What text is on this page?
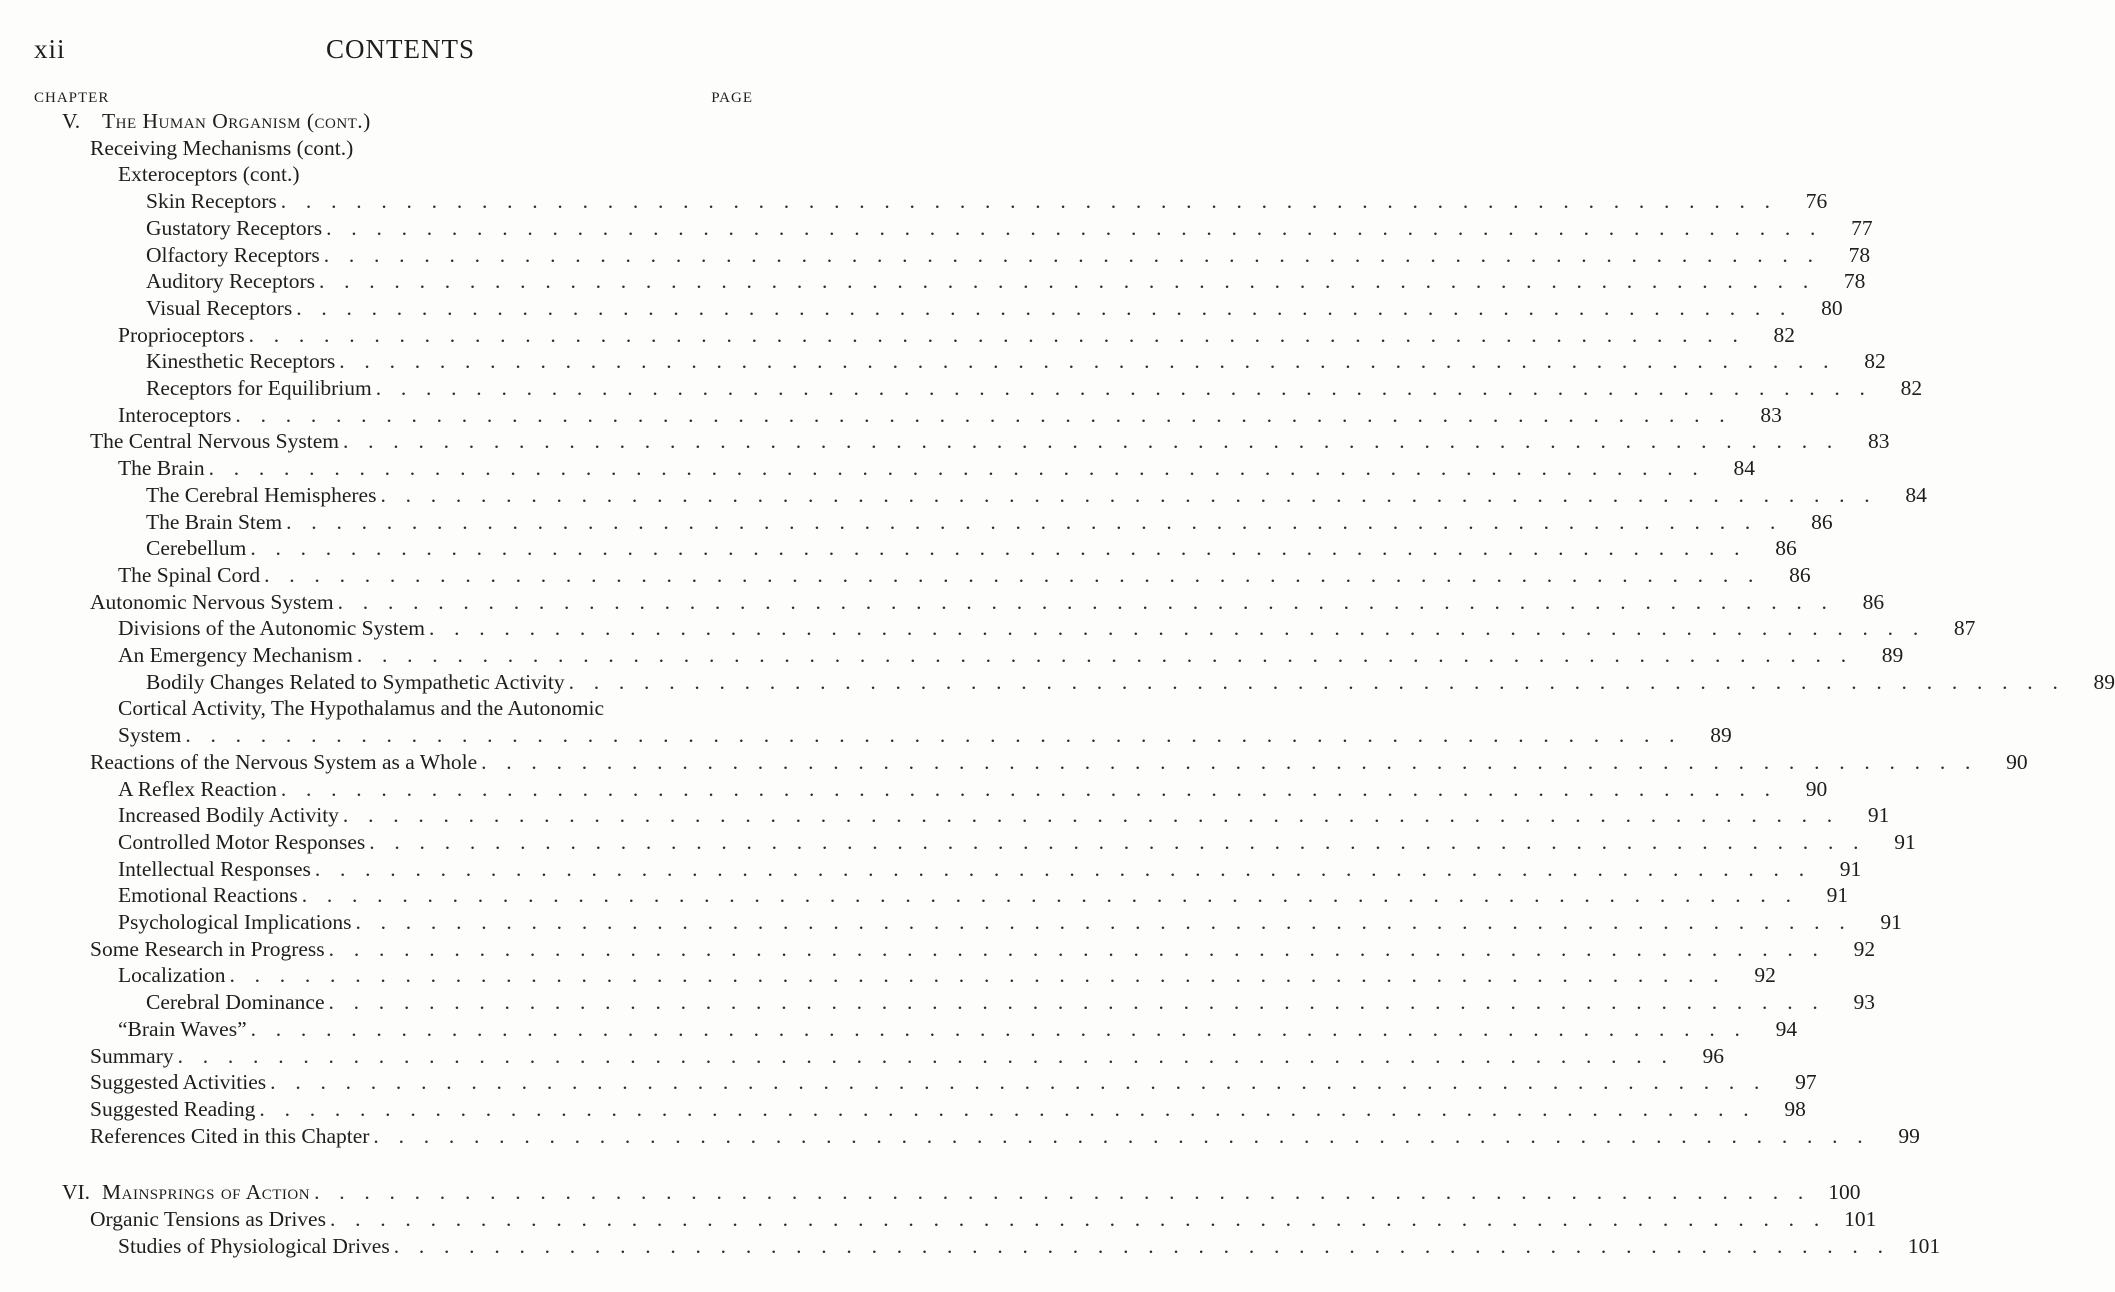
xii	CONTENTS
CHAPTER	PAGE
V.	The Human Organism (cont.)
Receiving Mechanisms (cont.)
Exteroceptors (cont.)
Skin Receptors . . . . . . . . . . . . . . . . . . . . . . . . . . . . . . . . . . . . . . . . . . . . . . . . . . . . . . . . . . . .	76
Gustatory Receptors . . . . . . . . . . . . . . . . . . . . . . . . . . . . . . . . . . . . . . . . . . . . . . . . . . . . . . . . . . . .	77
Olfactory Receptors . . . . . . . . . . . . . . . . . . . . . . . . . . . . . . . . . . . . . . . . . . . . . . . . . . . . . . . . . . . .	78
Auditory Receptors . . . . . . . . . . . . . . . . . . . . . . . . . . . . . . . . . . . . . . . . . . . . . . . . . . . . . . . . . . . .	78
Visual Receptors . . . . . . . . . . . . . . . . . . . . . . . . . . . . . . . . . . . . . . . . . . . . . . . . . . . . . . . . . . . .	80
Proprioceptors . . . . . . . . . . . . . . . . . . . . . . . . . . . . . . . . . . . . . . . . . . . . . . . . . . . . . . . . . . . .	82
Kinesthetic Receptors . . . . . . . . . . . . . . . . . . . . . . . . . . . . . . . . . . . . . . . . . . . . . . . . . . . . . . . . . . . .	82
Receptors for Equilibrium . . . . . . . . . . . . . . . . . . . . . . . . . . . . . . . . . . . . . . . . . . . . . . . . . . . . . . . . . . . .	82
Interoceptors . . . . . . . . . . . . . . . . . . . . . . . . . . . . . . . . . . . . . . . . . . . . . . . . . . . . . . . . . . . .	83
The Central Nervous System . . . . . . . . . . . . . . . . . . . . . . . . . . . . . . . . . . . . . . . . . . . . . . . . . . . . . . . . . . . .	83
The Brain . . . . . . . . . . . . . . . . . . . . . . . . . . . . . . . . . . . . . . . . . . . . . . . . . . . . . . . . . . . .	84
The Cerebral Hemispheres . . . . . . . . . . . . . . . . . . . . . . . . . . . . . . . . . . . . . . . . . . . . . . . . . . . . . . . . . . . .	84
The Brain Stem . . . . . . . . . . . . . . . . . . . . . . . . . . . . . . . . . . . . . . . . . . . . . . . . . . . . . . . . . . . .	86
Cerebellum . . . . . . . . . . . . . . . . . . . . . . . . . . . . . . . . . . . . . . . . . . . . . . . . . . . . . . . . . . . .	86
The Spinal Cord . . . . . . . . . . . . . . . . . . . . . . . . . . . . . . . . . . . . . . . . . . . . . . . . . . . . . . . . . . . .	86
Autonomic Nervous System . . . . . . . . . . . . . . . . . . . . . . . . . . . . . . . . . . . . . . . . . . . . . . . . . . . . . . . . . . . .	86
Divisions of the Autonomic System . . . . . . . . . . . . . . . . . . . . . . . . . . . . . . . . . . . . . . . . . . . . . . . . . . . . . . . . . . . .	87
An Emergency Mechanism . . . . . . . . . . . . . . . . . . . . . . . . . . . . . . . . . . . . . . . . . . . . . . . . . . . . . . . . . . . .	89
Bodily Changes Related to Sympathetic Activity . . . . . . . . . . . . . . . . . . . . . . . . . . . . . . . . . . . . . . . . . . . . . . . . . . . . . . . . . . . .	89
Cortical Activity, The Hypothalamus and the Autonomic
System . . . . . . . . . . . . . . . . . . . . . . . . . . . . . . . . . . . . . . . . . . . . . . . . . . . . . . . . . . . .	89
Reactions of the Nervous System as a Whole . . . . . . . . . . . . . . . . . . . . . . . . . . . . . . . . . . . . . . . . . . . . . . . . . . . . . . . . . . . .	90
A Reflex Reaction . . . . . . . . . . . . . . . . . . . . . . . . . . . . . . . . . . . . . . . . . . . . . . . . . . . . . . . . . . . .	90
Increased Bodily Activity . . . . . . . . . . . . . . . . . . . . . . . . . . . . . . . . . . . . . . . . . . . . . . . . . . . . . . . . . . . .	91
Controlled Motor Responses . . . . . . . . . . . . . . . . . . . . . . . . . . . . . . . . . . . . . . . . . . . . . . . . . . . . . . . . . . . .	91
Intellectual Responses . . . . . . . . . . . . . . . . . . . . . . . . . . . . . . . . . . . . . . . . . . . . . . . . . . . . . . . . . . . .	91
Emotional Reactions . . . . . . . . . . . . . . . . . . . . . . . . . . . . . . . . . . . . . . . . . . . . . . . . . . . . . . . . . . . .	91
Psychological Implications . . . . . . . . . . . . . . . . . . . . . . . . . . . . . . . . . . . . . . . . . . . . . . . . . . . . . . . . . . . .	91
Some Research in Progress . . . . . . . . . . . . . . . . . . . . . . . . . . . . . . . . . . . . . . . . . . . . . . . . . . . . . . . . . . . .	92
Localization . . . . . . . . . . . . . . . . . . . . . . . . . . . . . . . . . . . . . . . . . . . . . . . . . . . . . . . . . . . .	92
Cerebral Dominance . . . . . . . . . . . . . . . . . . . . . . . . . . . . . . . . . . . . . . . . . . . . . . . . . . . . . . . . . . . .	93
“Brain Waves” . . . . . . . . . . . . . . . . . . . . . . . . . . . . . . . . . . . . . . . . . . . . . . . . . . . . . . . . . . . .	94
Summary . . . . . . . . . . . . . . . . . . . . . . . . . . . . . . . . . . . . . . . . . . . . . . . . . . . . . . . . . . . .	96
Suggested Activities . . . . . . . . . . . . . . . . . . . . . . . . . . . . . . . . . . . . . . . . . . . . . . . . . . . . . . . . . . . .	97
Suggested Reading . . . . . . . . . . . . . . . . . . . . . . . . . . . . . . . . . . . . . . . . . . . . . . . . . . . . . . . . . . . .	98
References Cited in this Chapter . . . . . . . . . . . . . . . . . . . . . . . . . . . . . . . . . . . . . . . . . . . . . . . . . . . . . . . . . . . .	99
VI. Mainsprings of Action . . . . . . . . . . . . . . . . . . . . . . . . . . . . . . . . . . . . . . . . . . . . . . . . . . . . . . . . . . . . 100
Organic Tensions as Drives . . . . . . . . . . . . . . . . . . . . . . . . . . . . . . . . . . . . . . . . . . . . . . . . . . . . . . . . . . . . 101
Studies of Physiological Drives . . . . . . . . . . . . . . . . . . . . . . . . . . . . . . . . . . . . . . . . . . . . . . . . . . . . . . . . . . . . 101
